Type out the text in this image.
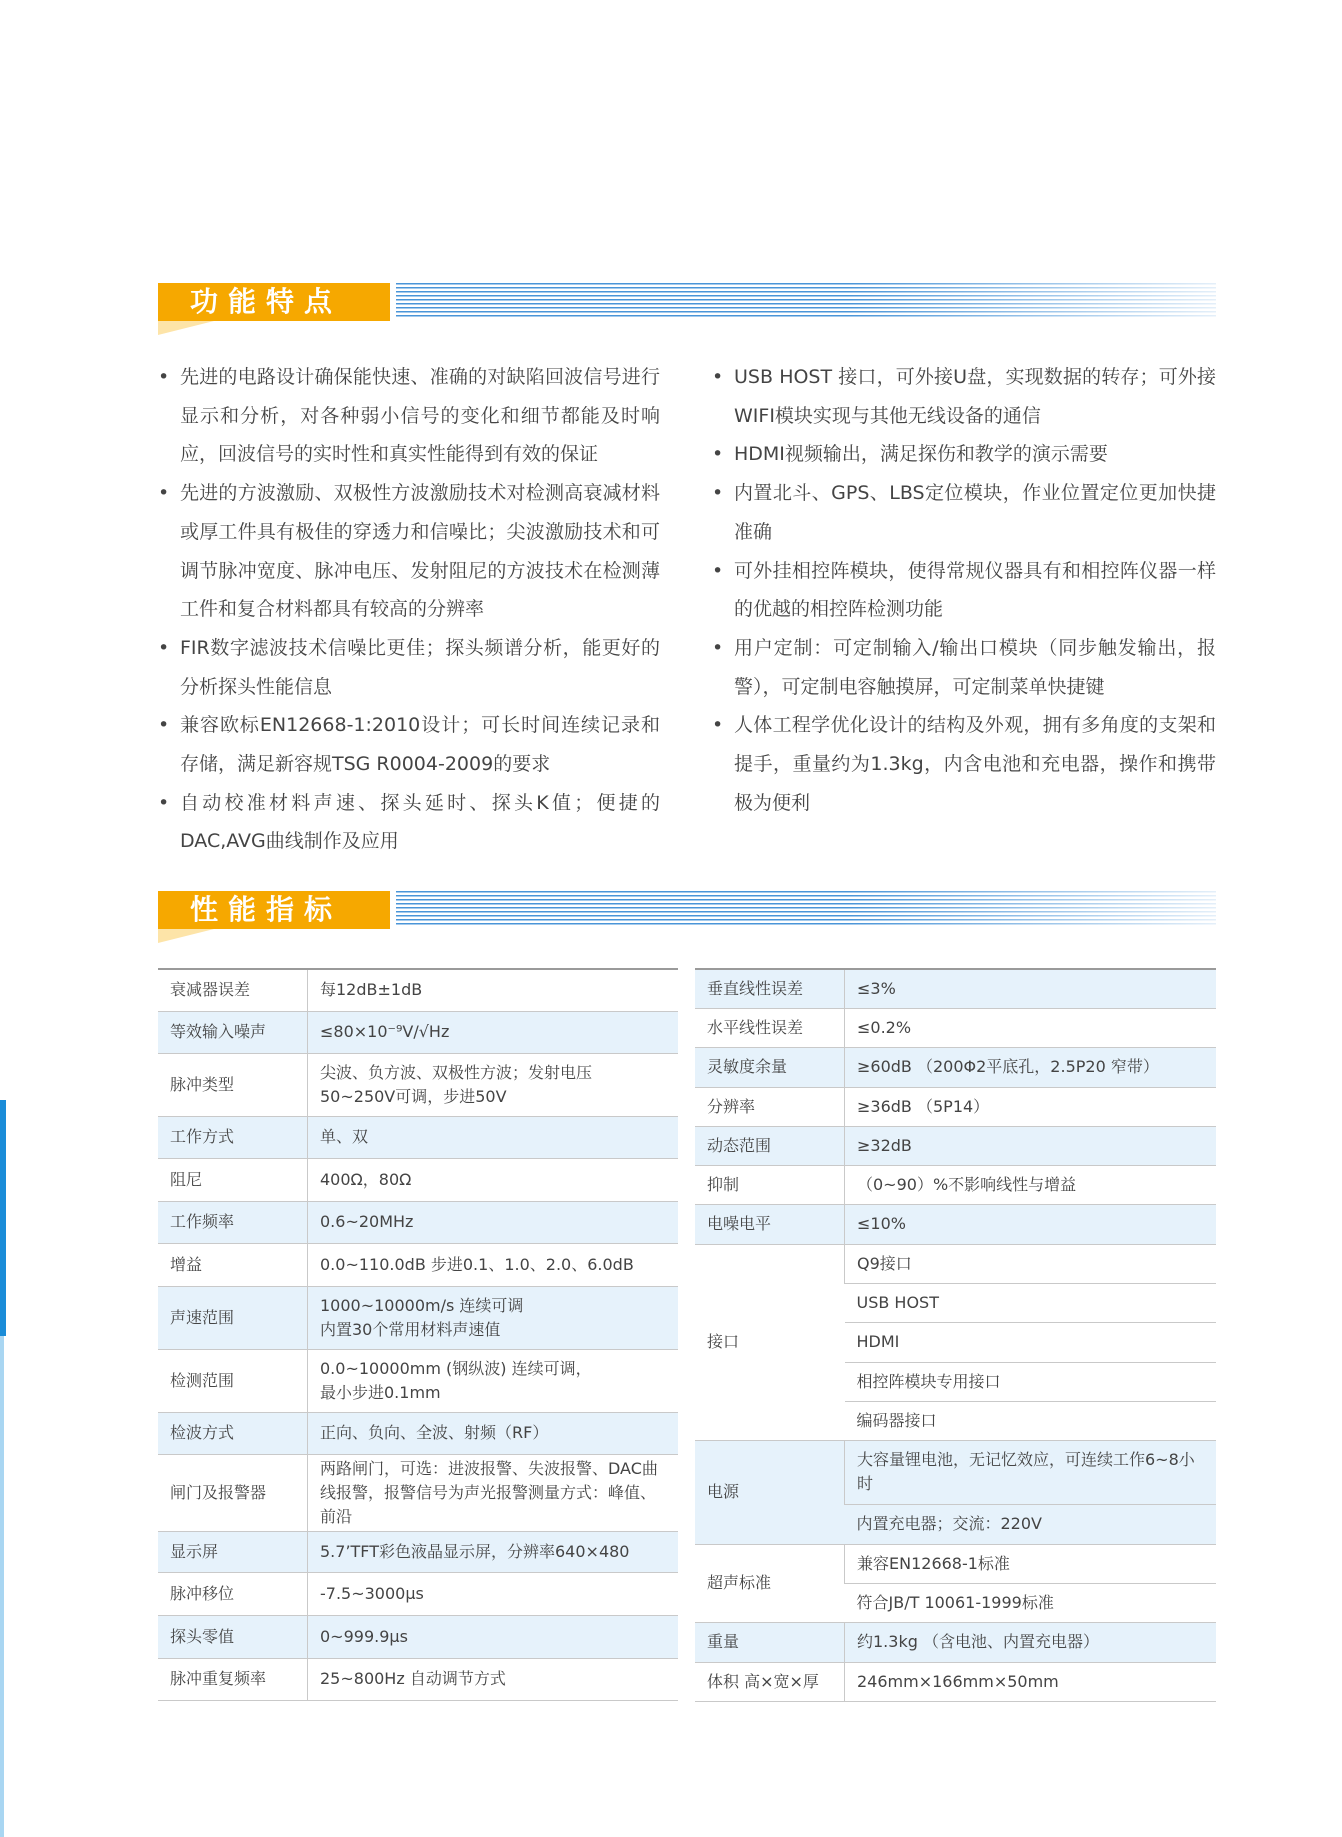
功能特点
• 先进的电路设计确保能快速、准确的对缺陷回波信号进行显示和分析，对各种弱小信号的变化和细节都能及时响应，回波信号的实时性和真实性能得到有效的保证
• 先进的方波激励、双极性方波激励技术对检测高衰减材料或厚工件具有极佳的穿透力和信噪比；尖波激励技术和可调节脉冲宽度、脉冲电压、发射阻尼的方波技术在检测薄工件和复合材料都具有较高的分辨率
• FIR数字滤波技术信噪比更佳；探头频谱分析，能更好的分析探头性能信息
• 兼容欧标EN12668-1:2010设计；可长时间连续记录和存储，满足新容规TSG R0004-2009的要求
• 自动校准材料声速、探头延时、探头K值；便捷的DAC,AVG曲线制作及应用
• USB HOST 接口，可外接U盘，实现数据的转存；可外接WIFI模块实现与其他无线设备的通信
• HDMI视频输出，满足探伤和教学的演示需要
• 内置北斗、GPS、LBS定位模块，作业位置定位更加快捷准确
• 可外挂相控阵模块，使得常规仪器具有和相控阵仪器一样的优越的相控阵检测功能
• 用户定制：可定制输入/输出口模块（同步触发输出，报警），可定制电容触摸屏，可定制菜单快捷键
• 人体工程学优化设计的结构及外观，拥有多角度的支架和提手，重量约为1.3kg，内含电池和充电器，操作和携带极为便利
性能指标
衰减器误差	每12dB±1dB
等效输入噪声	≤80×10⁻⁹V/√Hz
脉冲类型	尖波、负方波、双极性方波；发射电压
50~250V可调，步进50V
工作方式	单、双
阻尼	400Ω，80Ω
工作频率	0.6~20MHz
增益	0.0~110.0dB 步进0.1、1.0、2.0、6.0dB
声速范围	1000~10000m/s 连续可调
内置30个常用材料声速值
检测范围	0.0~10000mm (钢纵波) 连续可调，
最小步进0.1mm
检波方式	正向、负向、全波、射频（RF）
闸门及报警器	两路闸门，可选：进波报警、失波报警、DAC曲线报警，报警信号为声光报警测量方式：峰值、前沿
显示屏	5.7’TFT彩色液晶显示屏，分辨率640×480
脉冲移位	-7.5~3000μs
探头零值	0~999.9μs
脉冲重复频率	25~800Hz 自动调节方式
垂直线性误差	≤3%
水平线性误差	≤0.2%
灵敏度余量	≥60dB （200Φ2平底孔，2.5P20 窄带）
分辨率	≥36dB （5P14）
动态范围	≥32dB
抑制	（0~90）%不影响线性与增益
电噪电平	≤10%
接口	Q9接口
	USB HOST
	HDMI
	相控阵模块专用接口
	编码器接口
电源	大容量锂电池，无记忆效应，可连续工作6~8小时
	内置充电器；交流：220V
超声标准	兼容EN12668-1标准
	符合JB/T 10061-1999标准
重量	约1.3kg （含电池、内置充电器）
体积 高×宽×厚	246mm×166mm×50mm
